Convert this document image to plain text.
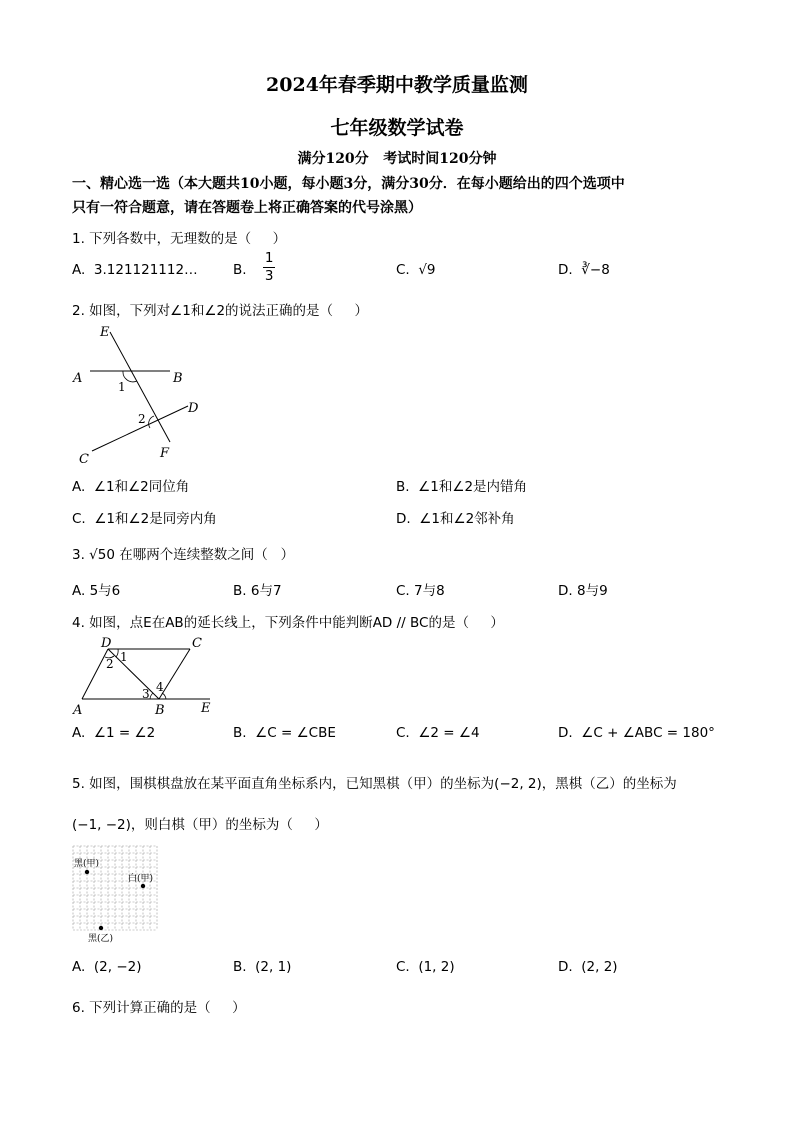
2024年春季期中教学质量监测
七年级数学试卷
满分120分   考试时间120分钟
一、精心选一选（本大题共10小题，每小题3分，满分30分．在每小题给出的四个选项中
只有一符合题意，请在答题卷上将正确答案的代号涂黑）
1. 下列各数中，无理数的是（     ）
A. 3.121121112…	B. $\frac{1}{3}$	C. √9	D. ∛−8
2. 如图，下列对∠1和∠2的说法正确的是（     ）
E
A	B
1
2
D
C	F
A. ∠1和∠2同位角	B. ∠1和∠2是内错角
C. ∠1和∠2是同旁内角	D. ∠1和∠2邻补角
3. √50 在哪两个连续整数之间（   ）
A. 5与6	B. 6与7	C. 7与8	D. 8与9
4. 如图，点E在AB的延长线上，下列条件中能判断AD // BC的是（     ）
D	C
1
2
3 4
A	B	E
A. ∠1 = ∠2	B. ∠C = ∠CBE	C. ∠2 = ∠4	D. ∠C + ∠ABC = 180°
5. 如图，围棋棋盘放在某平面直角坐标系内，已知黑棋（甲）的坐标为(−2, 2)，黑棋（乙）的坐标为
(−1, −2)，则白棋（甲）的坐标为（     ）
黑(甲)
白(甲)
黑(乙)
A. (2, −2)	B. (2, 1)	C. (1, 2)	D. (2, 2)
6. 下列计算正确的是（     ）
